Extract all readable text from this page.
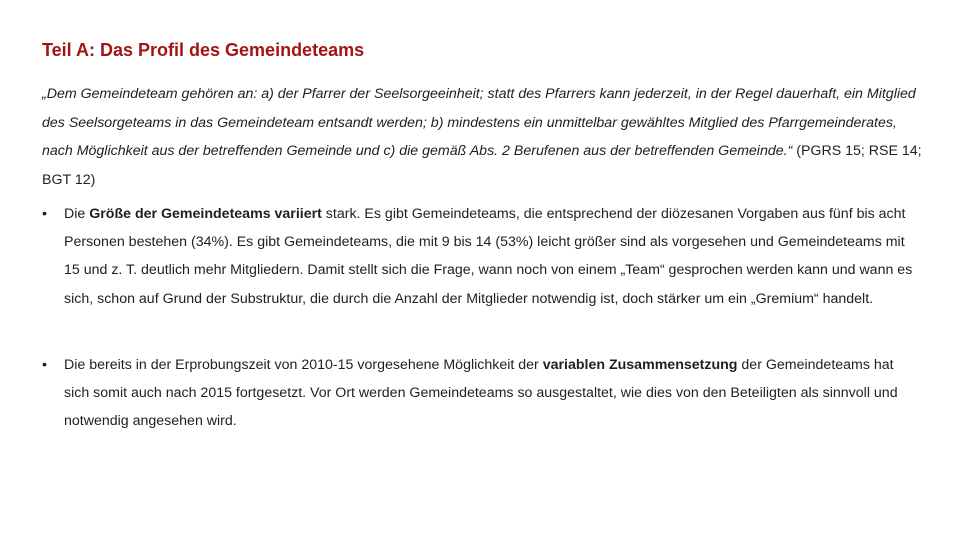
Teil A: Das Profil des Gemeindeteams
„Dem Gemeindeteam gehören an: a) der Pfarrer der Seelsorgeeinheit; statt des Pfarrers kann jederzeit, in der Regel dauerhaft, ein Mitglied des Seelsorgeteams in das Gemeindeteam entsandt werden; b) mindestens ein unmittelbar gewähltes Mitglied des Pfarrgemeinderates, nach Möglichkeit aus der betreffenden Gemeinde und c) die gemäß Abs. 2 Berufenen aus der betreffenden Gemeinde.“ (PGRS 15; RSE 14; BGT 12)
•	Die Größe der Gemeindeteams variiert stark. Es gibt Gemeindeteams, die entsprechend der diözesanen Vorgaben aus fünf bis acht Personen bestehen (34%). Es gibt Gemeindeteams, die mit 9 bis 14 (53%) leicht größer sind als vorgesehen und Gemeindeteams mit 15 und z. T. deutlich mehr Mitgliedern. Damit stellt sich die Frage, wann noch von einem „Team“ gesprochen werden kann und wann es sich, schon auf Grund der Substruktur, die durch die Anzahl der Mitglieder notwendig ist, doch stärker um ein „Gremium“ handelt.
•	Die bereits in der Erprobungszeit von 2010-15 vorgesehene Möglichkeit der variablen Zusammensetzung der Gemeindeteams hat sich somit auch nach 2015 fortgesetzt. Vor Ort werden Gemeindeteams so ausgestaltet, wie dies von den Beteiligten als sinnvoll und notwendig angesehen wird.
